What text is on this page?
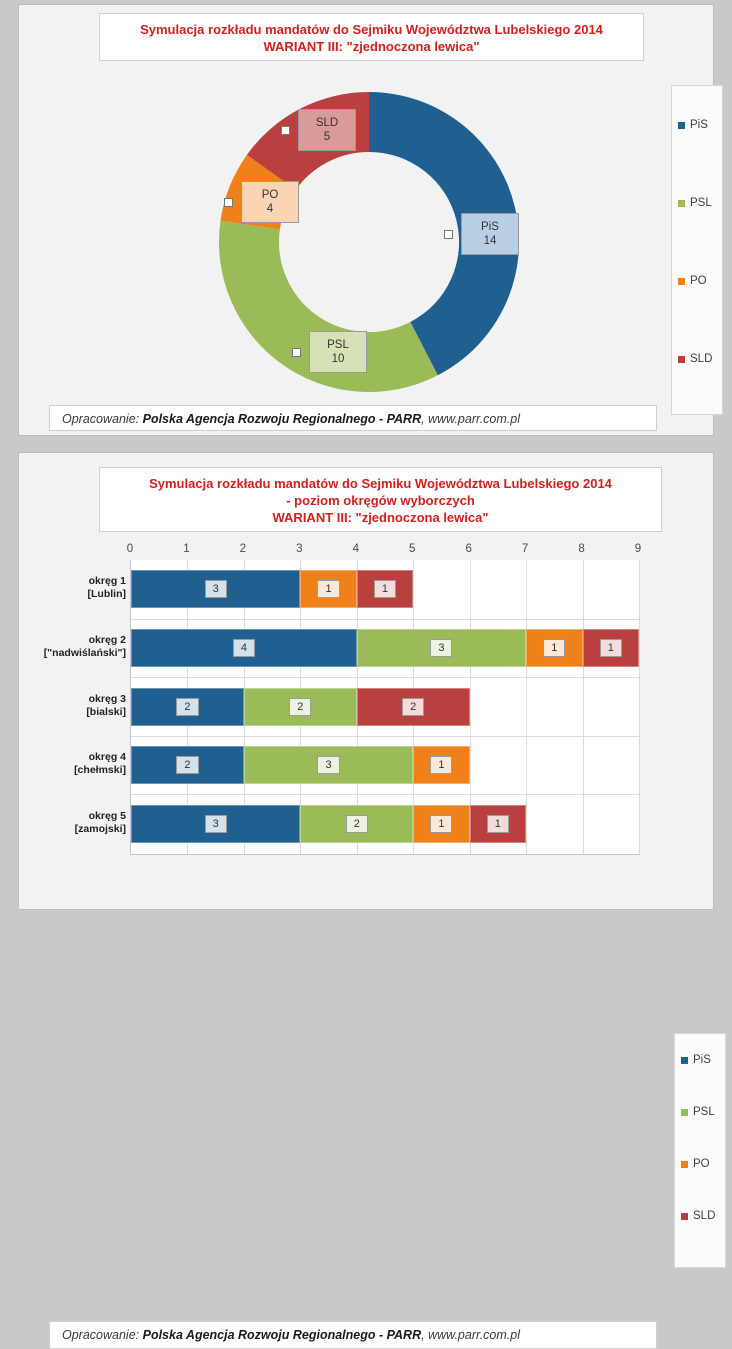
Symulacja rozkładu mandatów do Sejmiku Województwa Lubelskiego 2014
WARIANT III: "zjednoczona lewica"
PiS
14
PSL
10
PO
4
SLD
5
PiS
PSL
PO
SLD
Opracowanie: Polska Agencja Rozwoju Regionalnego - PARR, www.parr.com.pl
Symulacja rozkładu mandatów do Sejmiku Województwa Lubelskiego 2014
- poziom okręgów wyborczych
WARIANT III: "zjednoczona lewica"
PiS
PSL
PO
SLD
Opracowanie: Polska Agencja Rozwoju Regionalnego - PARR, www.parr.com.pl
3	1	1
4	3	1	1
2	2	2
2	3	1
3	2	1	1
0	1	2	3	4	5	6	7	8	9
okręg 1
[Lublin]
okręg 2
["nadwiślański"]
okręg 3
[bialski]
okręg 4
[chełmski]
okręg 5
[zamojski]
